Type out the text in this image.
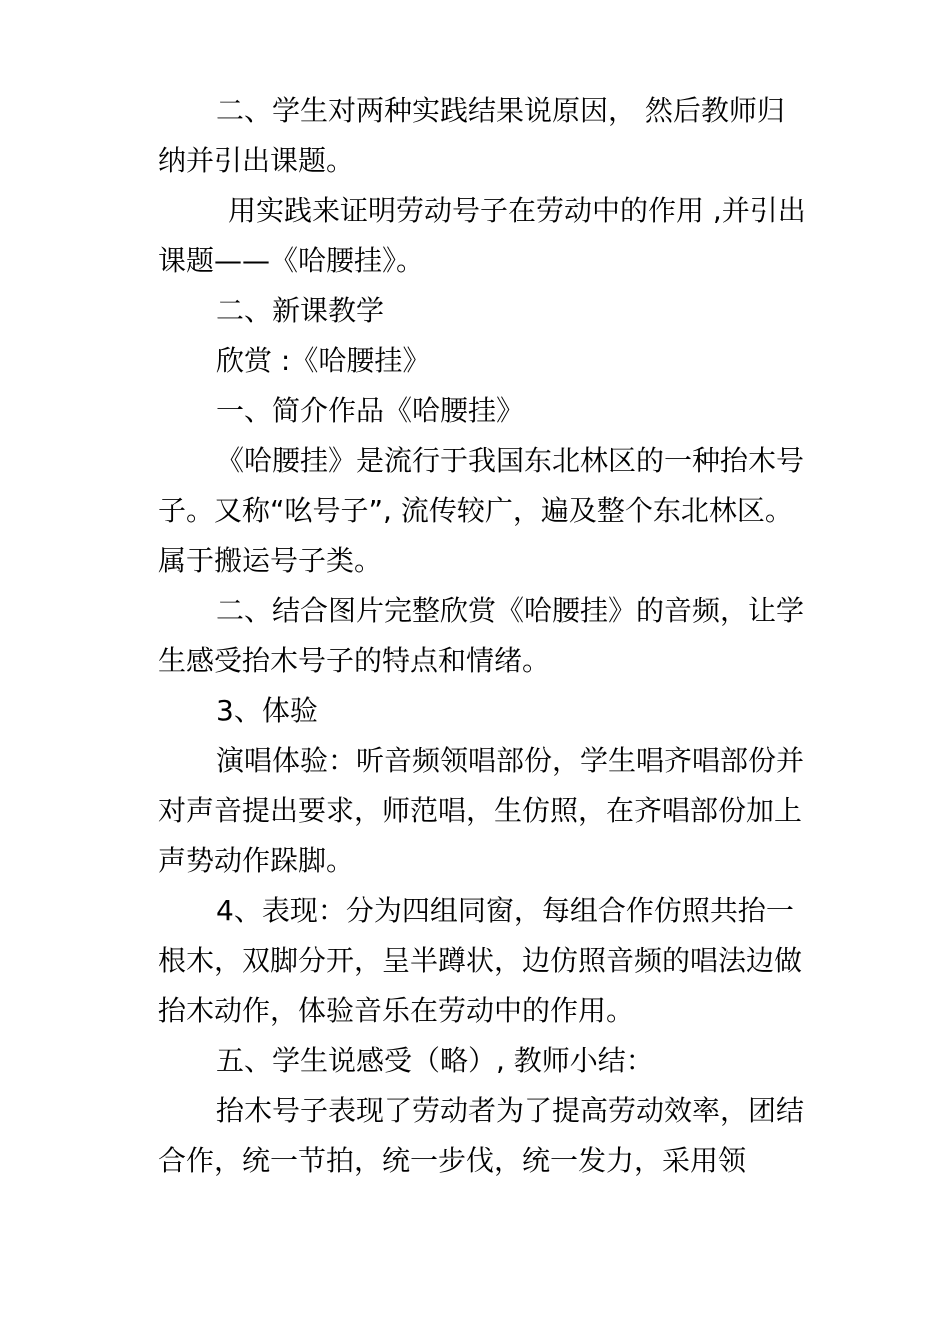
二、学生对两种实践结果说原因， 然后教师归纳并引出课题。

用实践来证明劳动号子在劳动中的作用 ,并引出课题——《哈腰挂》。

二、新课教学

欣赏 :《哈腰挂》

一、简介作品《哈腰挂》

《哈腰挂》是流行于我国东北林区的一种抬木号子。又称“吆号子”, 流传较广，遍及整个东北林区。属于搬运号子类。

二、结合图片完整欣赏《哈腰挂》的音频，让学生感受抬木号子的特点和情绪。

3、体验

演唱体验：听音频领唱部份，学生唱齐唱部份并对声音提出要求，师范唱，生仿照，在齐唱部份加上声势动作跺脚。

4、表现：分为四组同窗，每组合作仿照共抬一根木，双脚分开，呈半蹲状，边仿照音频的唱法边做抬木动作，体验音乐在劳动中的作用。

五、学生说感受（略）, 教师小结：

抬木号子表现了劳动者为了提高劳动效率，团结合作，统一节拍，统一步伐，统一发力，采用领
